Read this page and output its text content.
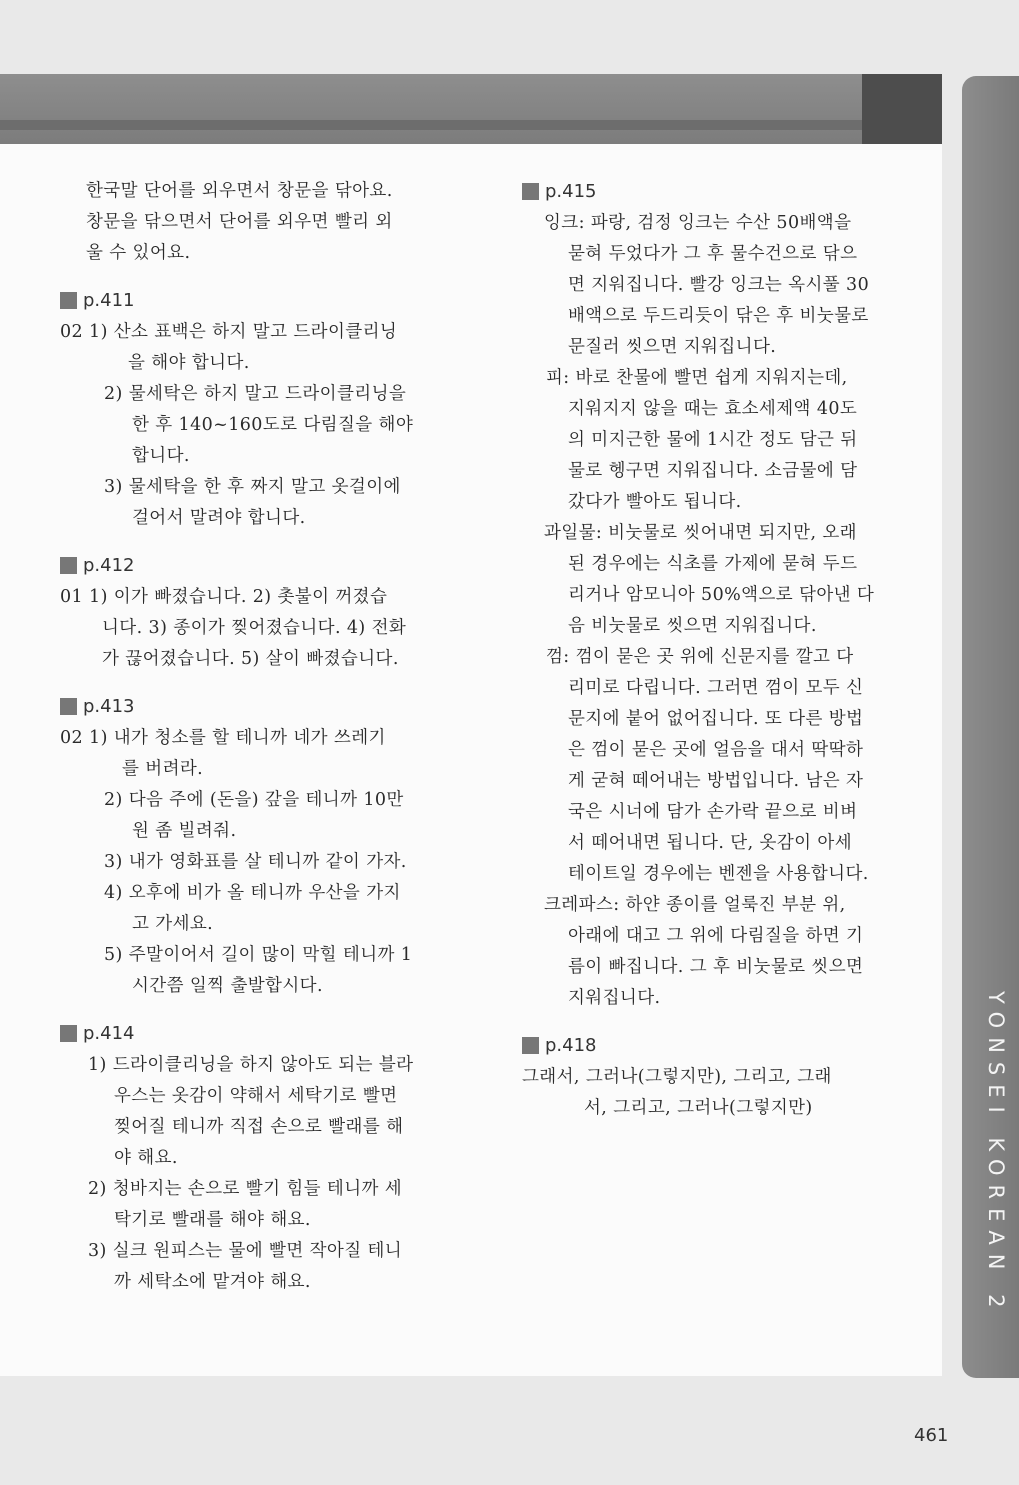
YONSEI KOREAN 2
한국말 단어를 외우면서 창문을 닦아요.
창문을 닦으면서 단어를 외우면 빨리 외
울 수 있어요.
p.411
02 1) 산소 표백은 하지 말고 드라이클리닝
을 해야 합니다.
2) 물세탁은 하지 말고 드라이클리닝을
한 후 140~160도로 다림질을 해야
합니다.
3) 물세탁을 한 후 짜지 말고 옷걸이에
걸어서 말려야 합니다.
p.412
01 1) 이가 빠졌습니다. 2) 촛불이 꺼졌습
니다. 3) 종이가 찢어졌습니다. 4) 전화
가 끊어졌습니다. 5) 살이 빠졌습니다.
p.413
02 1) 내가 청소를 할 테니까 네가 쓰레기
를 버려라.
2) 다음 주에 (돈을) 갚을 테니까 10만
원 좀 빌려줘.
3) 내가 영화표를 살 테니까 같이 가자.
4) 오후에 비가 올 테니까 우산을 가지
고 가세요.
5) 주말이어서 길이 많이 막힐 테니까 1
시간쯤 일찍 출발합시다.
p.414
1) 드라이클리닝을 하지 않아도 되는 블라
우스는 옷감이 약해서 세탁기로 빨면
찢어질 테니까 직접 손으로 빨래를 해
야 해요.
2) 청바지는 손으로 빨기 힘들 테니까 세
탁기로 빨래를 해야 해요.
3) 실크 원피스는 물에 빨면 작아질 테니
까 세탁소에 맡겨야 해요.
p.415
잉크: 파랑, 검정 잉크는 수산 50배액을
묻혀 두었다가 그 후 물수건으로 닦으
면 지워집니다. 빨강 잉크는 옥시풀 30
배액으로 두드리듯이 닦은 후 비눗물로
문질러 씻으면 지워집니다.
피: 바로 찬물에 빨면 쉽게 지워지는데,
지워지지 않을 때는 효소세제액 40도
의 미지근한 물에 1시간 정도 담근 뒤
물로 헹구면 지워집니다. 소금물에 담
갔다가 빨아도 됩니다.
과일물: 비눗물로 씻어내면 되지만, 오래
된 경우에는 식초를 가제에 묻혀 두드
리거나 암모니아 50%액으로 닦아낸 다
음 비눗물로 씻으면 지워집니다.
껌: 껌이 묻은 곳 위에 신문지를 깔고 다
리미로 다립니다. 그러면 껌이 모두 신
문지에 붙어 없어집니다. 또 다른 방법
은 껌이 묻은 곳에 얼음을 대서 딱딱하
게 굳혀 떼어내는 방법입니다. 남은 자
국은 시너에 담가 손가락 끝으로 비벼
서 떼어내면 됩니다. 단, 옷감이 아세
테이트일 경우에는 벤젠을 사용합니다.
크레파스: 하얀 종이를 얼룩진 부분 위,
아래에 대고 그 위에 다림질을 하면 기
름이 빠집니다. 그 후 비눗물로 씻으면
지워집니다.
p.418
그래서, 그러나(그렇지만), 그리고, 그래
서, 그리고, 그러나(그렇지만)
461
